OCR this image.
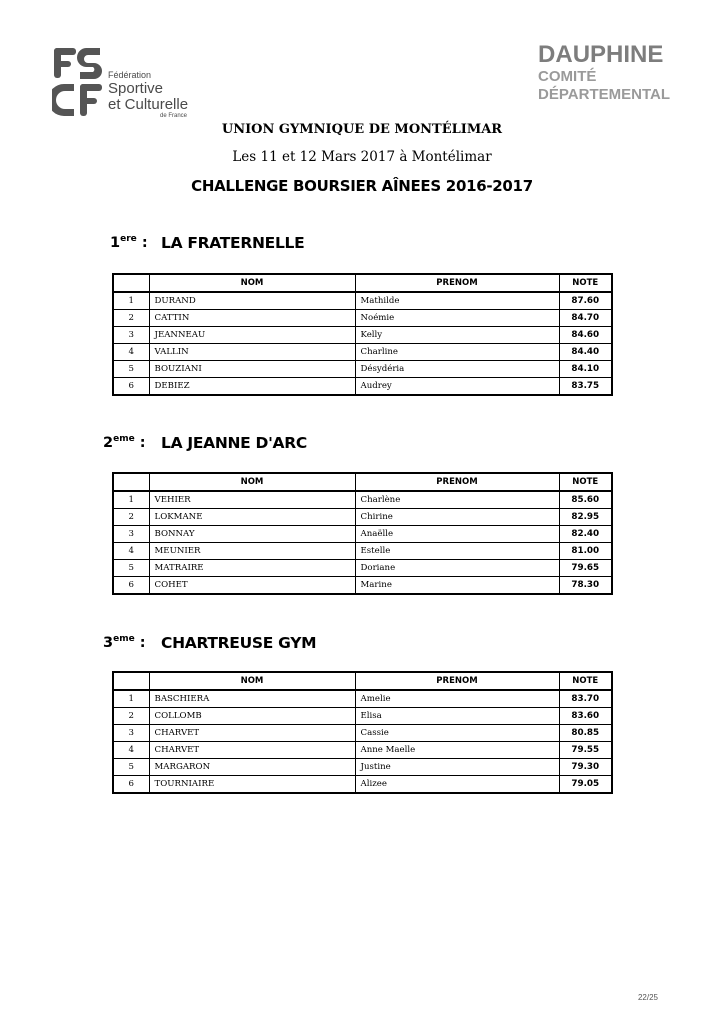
Fédération
Sportive
et Culturelle
de France
DAUPHINE
COMITÉ
DÉPARTEMENTAL
UNION GYMNIQUE DE MONTÉLIMAR
Les 11 et 12 Mars 2017 à Montélimar
CHALLENGE BOURSIER AÎNEES 2016-2017
1ere : LA FRATERNELLE
	NOM	PRENOM	NOTE
1	DURAND	Mathilde	87.60
2	CATTIN	Noémie	84.70
3	JEANNEAU	Kelly	84.60
4	VALLIN	Charline	84.40
5	BOUZIANI	Désydéria	84.10
6	DEBIEZ	Audrey	83.75
2eme : LA JEANNE D'ARC
	NOM	PRENOM	NOTE
1	VEHIER	Charlène	85.60
2	LOKMANE	Chirine	82.95
3	BONNAY	Anaëlle	82.40
4	MEUNIER	Estelle	81.00
5	MATRAIRE	Doriane	79.65
6	COHET	Marine	78.30
3eme : CHARTREUSE GYM
	NOM	PRENOM	NOTE
1	BASCHIERA	Amelie	83.70
2	COLLOMB	Elisa	83.60
3	CHARVET	Cassie	80.85
4	CHARVET	Anne Maelle	79.55
5	MARGARON	Justine	79.30
6	TOURNIAIRE	Alizee	79.05
22/25
